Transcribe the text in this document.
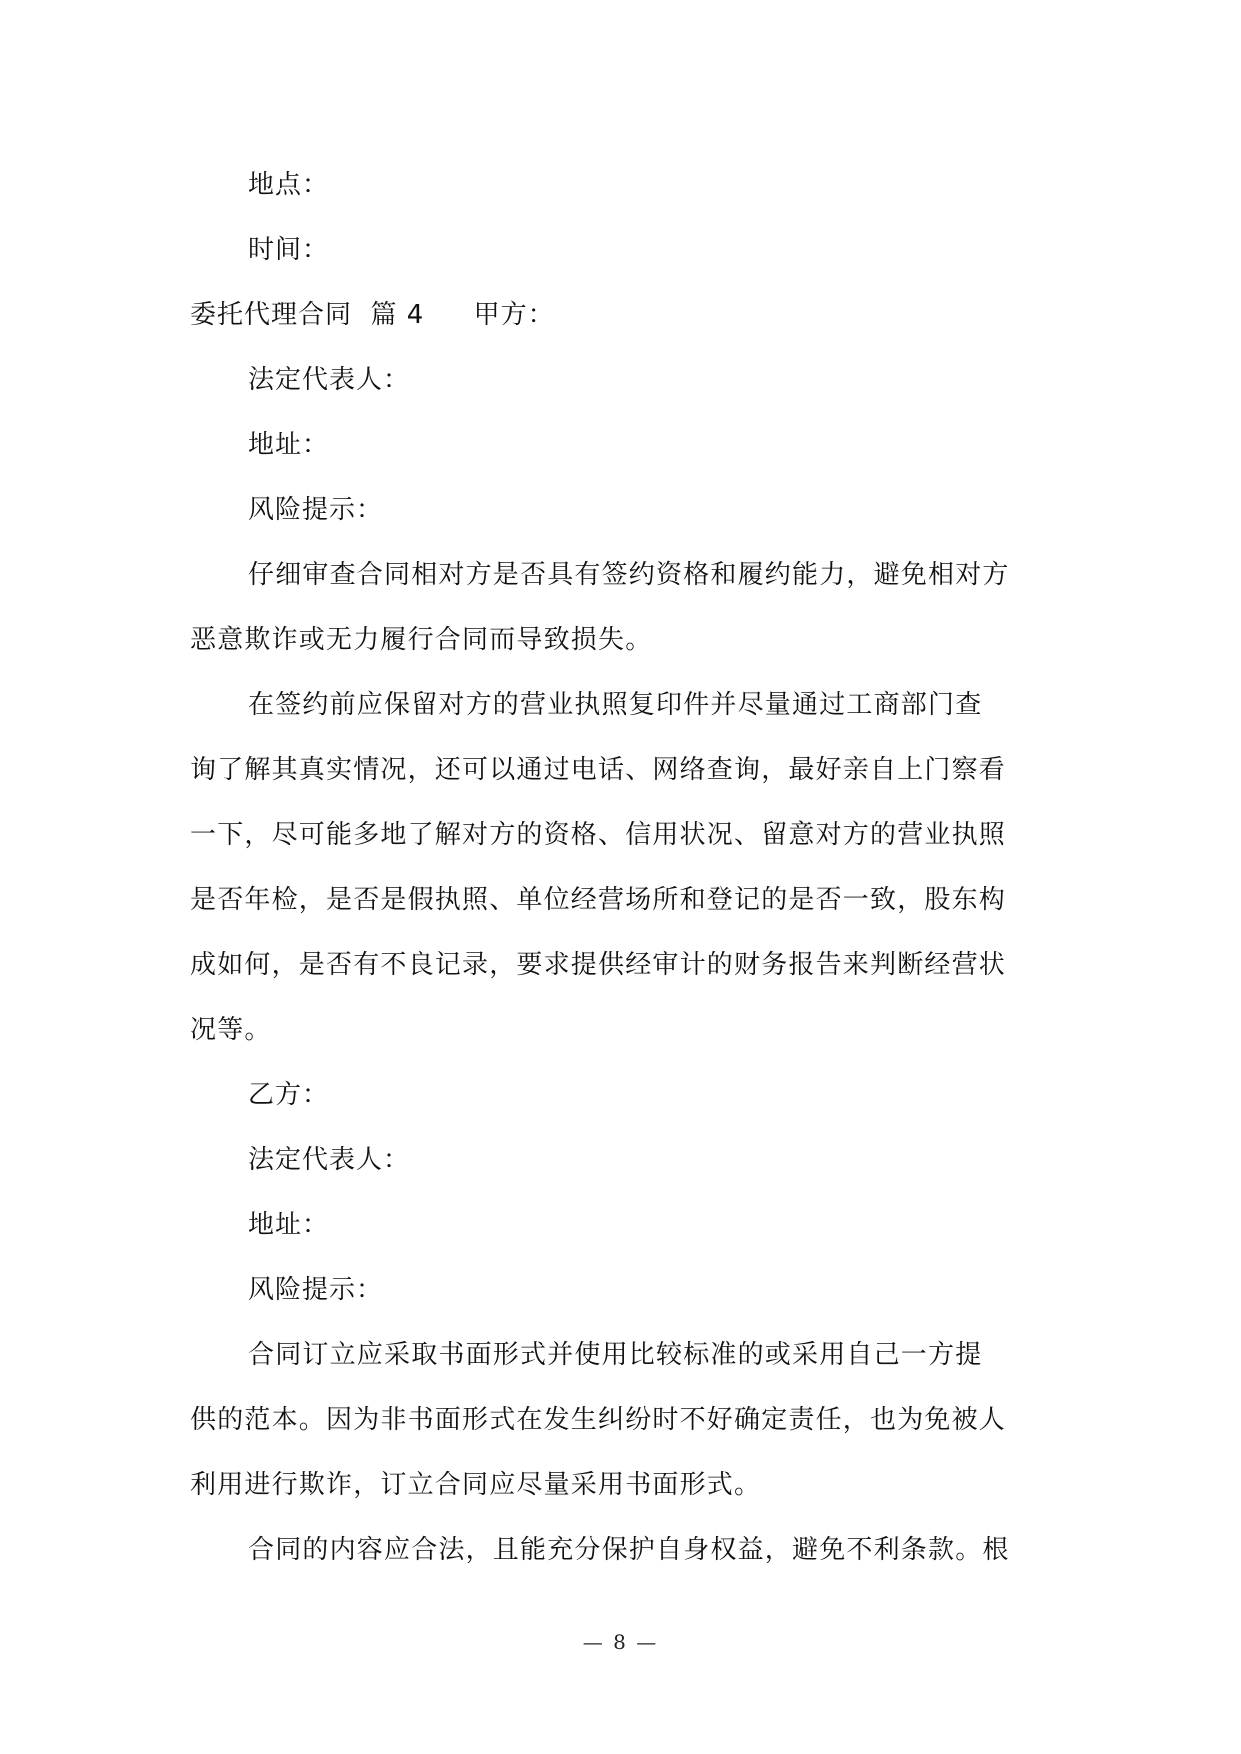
地点：
时间：
委托代理合同  篇 4 甲方：
法定代表人：
地址：
风险提示：
仔细审查合同相对方是否具有签约资格和履约能力，避免相对方
恶意欺诈或无力履行合同而导致损失。
在签约前应保留对方的营业执照复印件并尽量通过工商部门查
询了解其真实情况，还可以通过电话、网络查询，最好亲自上门察看
一下，尽可能多地了解对方的资格、信用状况、留意对方的营业执照
是否年检，是否是假执照、单位经营场所和登记的是否一致，股东构
成如何，是否有不良记录，要求提供经审计的财务报告来判断经营状
况等。
乙方：
法定代表人：
地址：
风险提示：
合同订立应采取书面形式并使用比较标准的或采用自己一方提
供的范本。因为非书面形式在发生纠纷时不好确定责任，也为免被人
利用进行欺诈，订立合同应尽量采用书面形式。
合同的内容应合法，且能充分保护自身权益，避免不利条款。根
— 8 —
